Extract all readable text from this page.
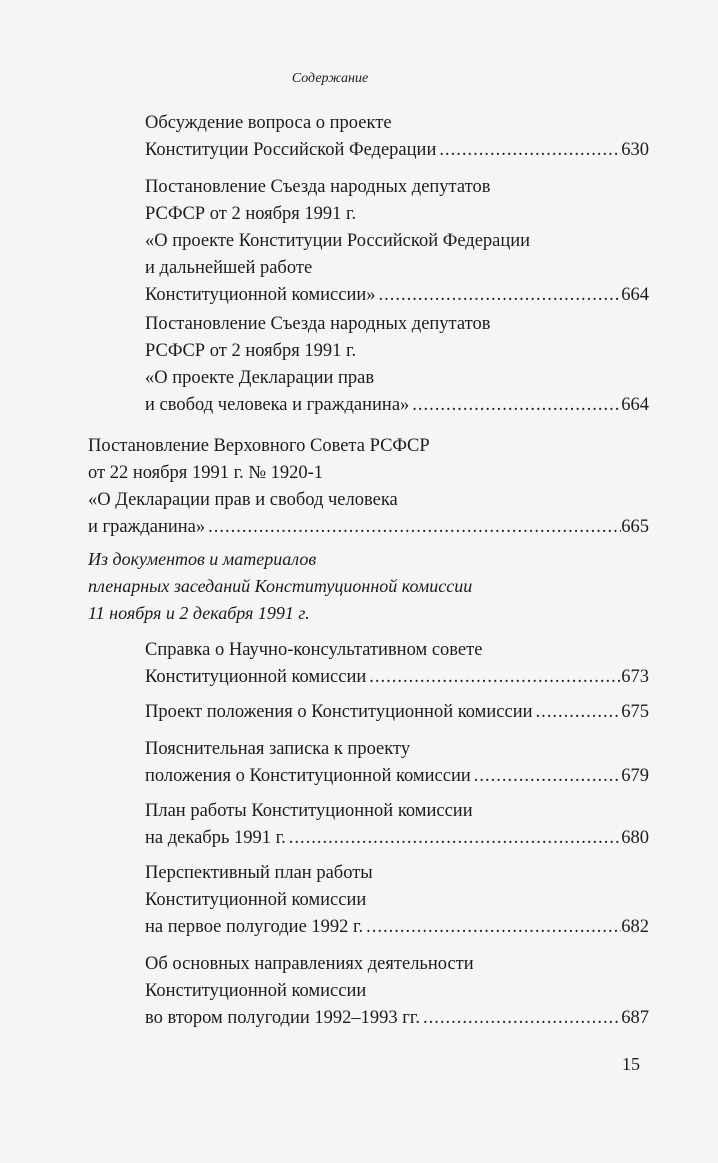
Содержание
Обсуждение вопроса о проекте
Конституции Российской Федерации .....	630
Постановление Съезда народных депутатов
РСФСР от 2 ноября 1991 г.
«О проекте Конституции Российской Федерации
и дальнейшей работе
Конституционной комиссии» .....	664
Постановление Съезда народных депутатов
РСФСР от 2 ноября 1991 г.
«О проекте Декларации прав
и свобод человека и гражданина» .....	664
Постановление Верховного Совета РСФСР
от 22 ноября 1991 г. № 1920-1
«О Декларации прав и свобод человека
и гражданина» .....	665
Из документов и материалов
пленарных заседаний Конституционной комиссии
11 ноября и 2 декабря 1991 г.
Справка о Научно-консультативном совете
Конституционной комиссии .....	673
Проект положения о Конституционной комиссии .....	675
Пояснительная записка к проекту
положения о Конституционной комиссии .....	679
План работы Конституционной комиссии
на декабрь 1991 г. .....	680
Перспективный план работы
Конституционной комиссии
на первое полугодие 1992 г. .....	682
Об основных направлениях деятельности
Конституционной комиссии
во втором полугодии 1992–1993 гг. .....	687
15
